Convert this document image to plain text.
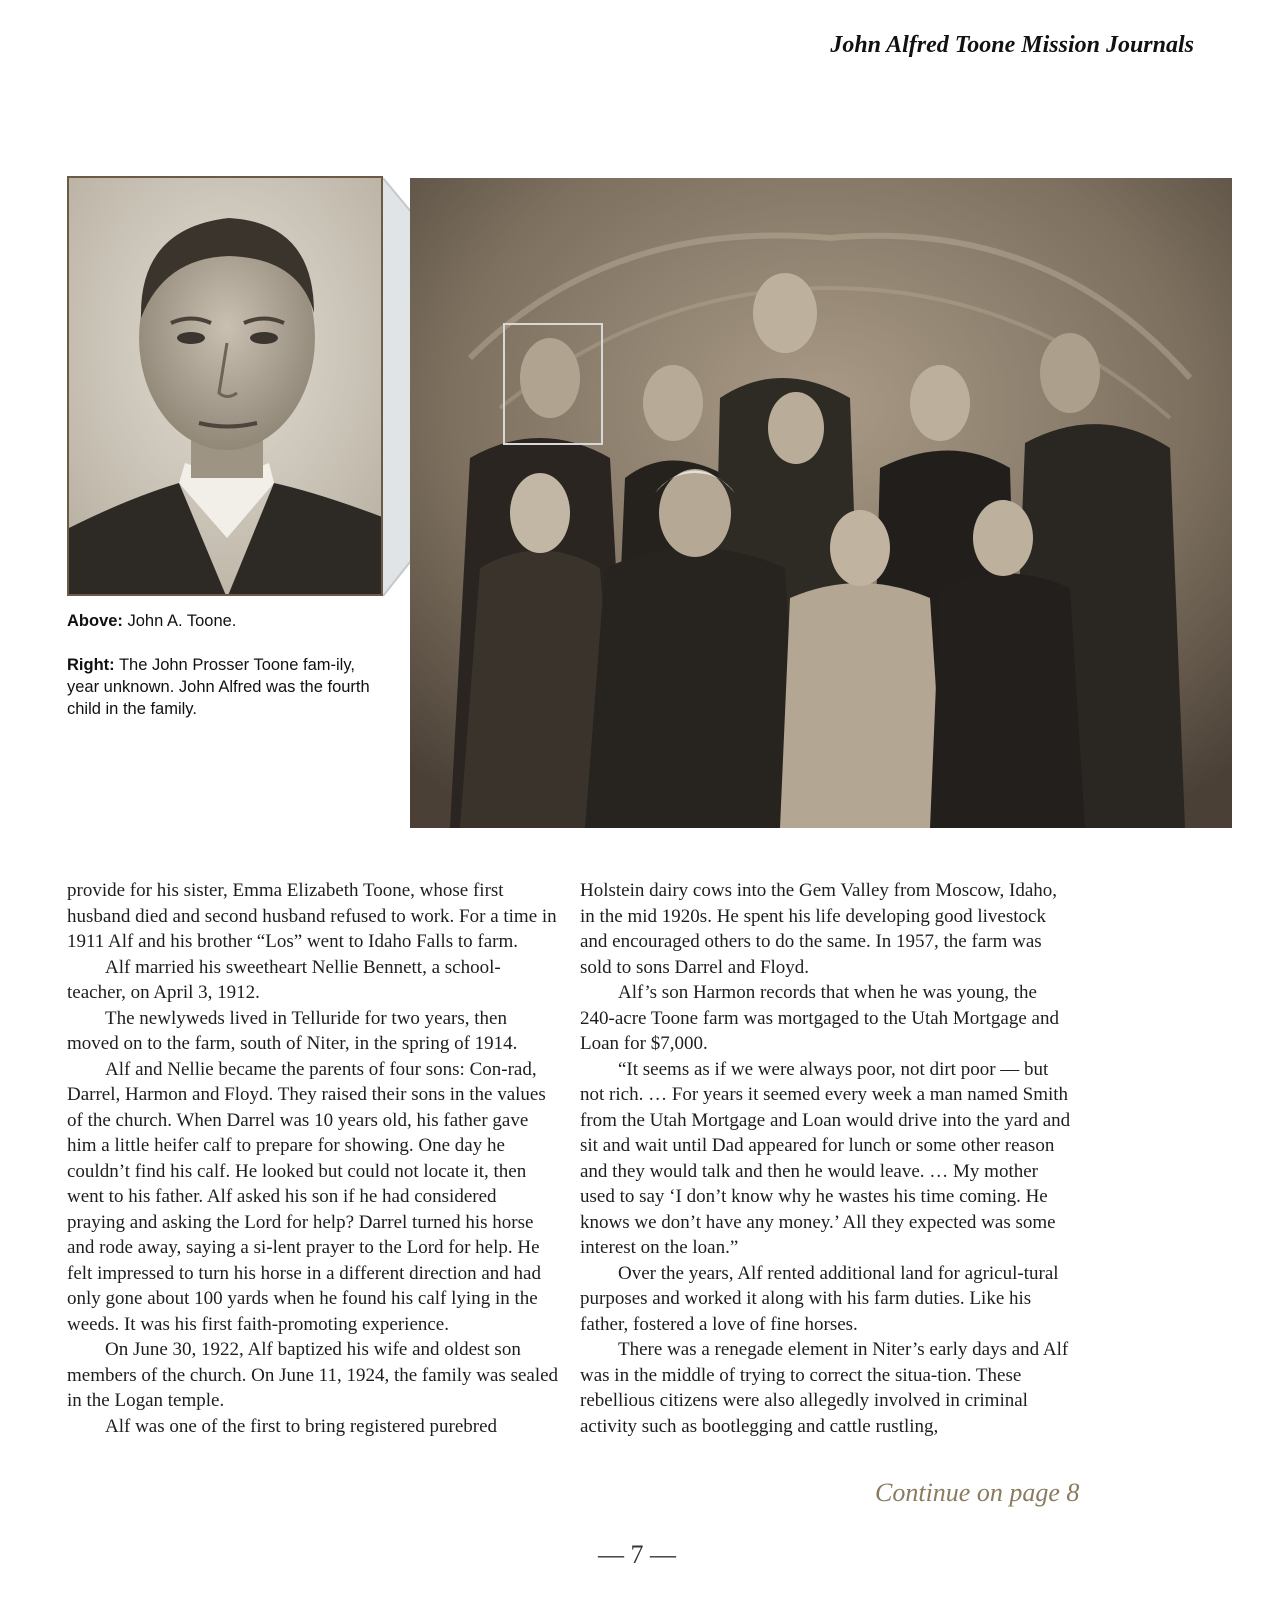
John Alfred Toone Mission Journals

Above: John A. Toone.

Right: The John Prosser Toone fam-ily, year unknown. John Alfred was the fourth child in the family.

provide for his sister, Emma Elizabeth Toone, whose first husband died and second husband refused to work. For a time in 1911 Alf and his brother “Los” went to Idaho Falls to farm.

Alf married his sweetheart Nellie Bennett, a school-teacher, on April 3, 1912.

The newlyweds lived in Telluride for two years, then moved on to the farm, south of Niter, in the spring of 1914.

Alf and Nellie became the parents of four sons: Con-rad, Darrel, Harmon and Floyd. They raised their sons in the values of the church. When Darrel was 10 years old, his father gave him a little heifer calf to prepare for showing. One day he couldn’t find his calf. He looked but could not locate it, then went to his father. Alf asked his son if he had considered praying and asking the Lord for help? Darrel turned his horse and rode away, saying a si-lent prayer to the Lord for help. He felt impressed to turn his horse in a different direction and had only gone about 100 yards when he found his calf lying in the weeds. It was his first faith-promoting experience.

On June 30, 1922, Alf baptized his wife and oldest son members of the church. On June 11, 1924, the family was sealed in the Logan temple.

Alf was one of the first to bring registered purebred

Holstein dairy cows into the Gem Valley from Moscow, Idaho, in the mid 1920s. He spent his life developing good livestock and encouraged others to do the same. In 1957, the farm was sold to sons Darrel and Floyd.

Alf’s son Harmon records that when he was young, the 240-acre Toone farm was mortgaged to the Utah Mortgage and Loan for $7,000.

“It seems as if we were always poor, not dirt poor — but not rich. … For years it seemed every week a man named Smith from the Utah Mortgage and Loan would drive into the yard and sit and wait until Dad appeared for lunch or some other reason and they would talk and then he would leave. … My mother used to say ‘I don’t know why he wastes his time coming. He knows we don’t have any money.’ All they expected was some interest on the loan.”

Over the years, Alf rented additional land for agricul-tural purposes and worked it along with his farm duties. Like his father, fostered a love of fine horses.

There was a renegade element in Niter’s early days and Alf was in the middle of trying to correct the situa-tion. These rebellious citizens were also allegedly involved in criminal activity such as bootlegging and cattle rustling,

Continue on page 8
— 7 —
